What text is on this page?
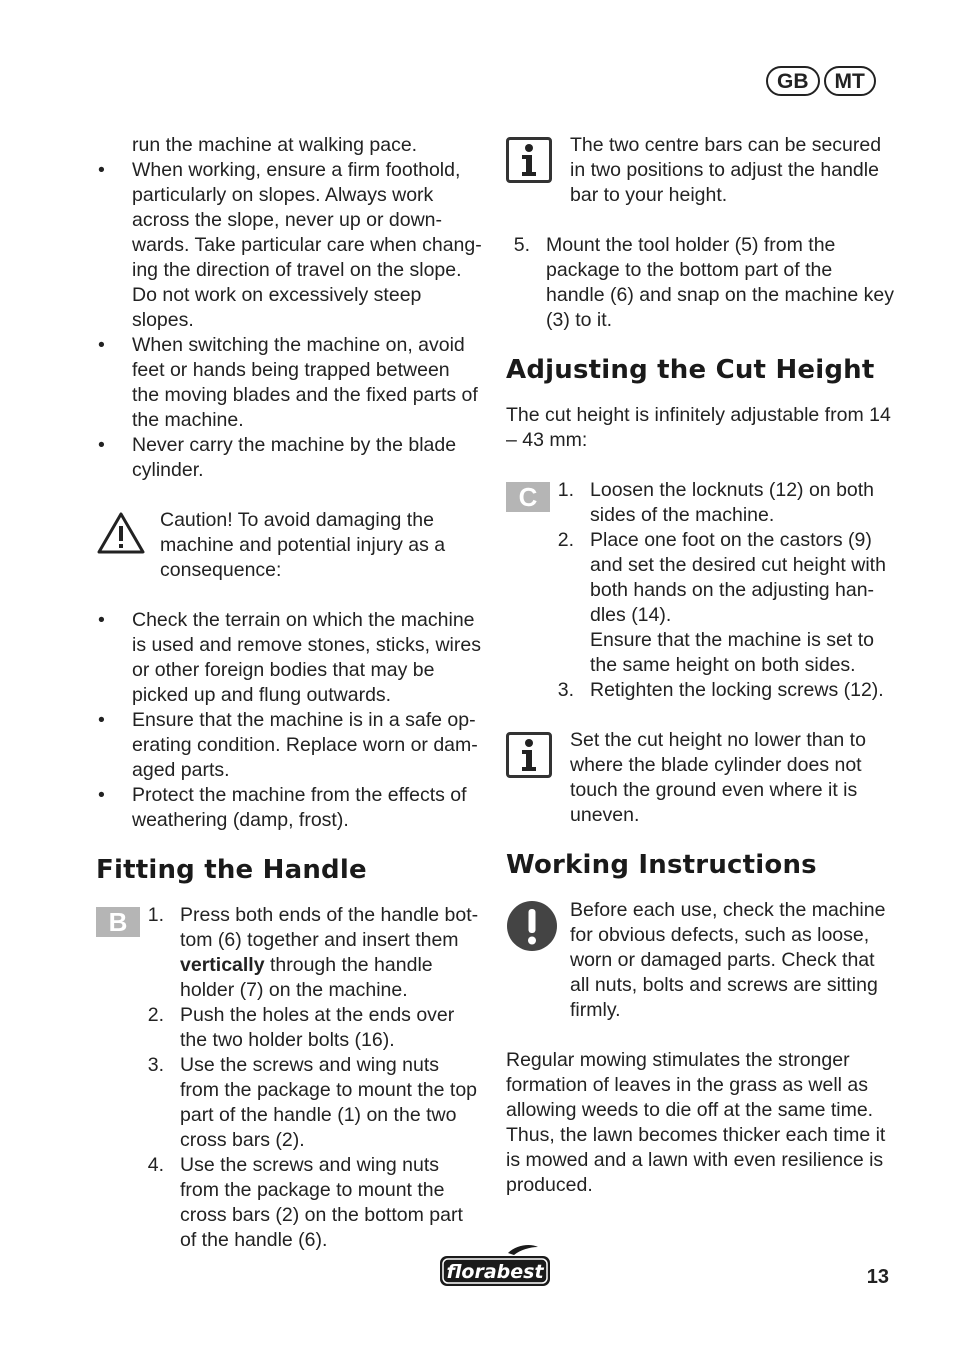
GB	MT

run the machine at walking pace.

• When working, ensure a firm foothold, particularly on slopes. Always work across the slope, never up or down-wards. Take particular care when chang-ing the direction of travel on the slope. Do not work on excessively steep slopes.
• When switching the machine on, avoid feet or hands being trapped between the moving blades and the fixed parts of the machine.
• Never carry the machine by the blade cylinder.
Caution! To avoid damaging the machine and potential injury as a consequence:
• Check the terrain on which the machine is used and remove stones, sticks, wires or other foreign bodies that may be picked up and flung outwards.
• Ensure that the machine is in a safe op-erating condition. Replace worn or dam-aged parts.
• Protect the machine from the effects of weathering (damp, frost).
Fitting the Handle
B	1. Press both ends of the handle bot-tom (6) together and insert them vertically through the handle holder (7) on the machine.
2. Push the holes at the ends over the two holder bolts (16).
3. Use the screws and wing nuts from the package to mount the top part of the handle (1) on the two cross bars (2).
4. Use the screws and wing nuts from the package to mount the cross bars (2) on the bottom part of the handle (6).
The two centre bars can be secured in two positions to adjust the handle bar to your height.
5. Mount the tool holder (5) from the package to the bottom part of the handle (6) and snap on the machine key (3) to it.
Adjusting the Cut Height

The cut height is infinitely adjustable from 14 – 43 mm:

C	1. Loosen the locknuts (12) on both sides of the machine.
2. Place one foot on the castors (9) and set the desired cut height with both hands on the adjusting han-dles (14).
Ensure that the machine is set to the same height on both sides.
3. Retighten the locking screws (12).
Set the cut height no lower than to where the blade cylinder does not touch the ground even where it is uneven.
Working Instructions
Before each use, check the machine for obvious defects, such as loose, worn or damaged parts. Check that all nuts, bolts and screws are sitting firmly.

Regular mowing stimulates the stronger formation of leaves in the grass as well as allowing weeds to die off at the same time. Thus, the lawn becomes thicker each time it is mowed and a lawn with even resilience is produced.

florabest	13
